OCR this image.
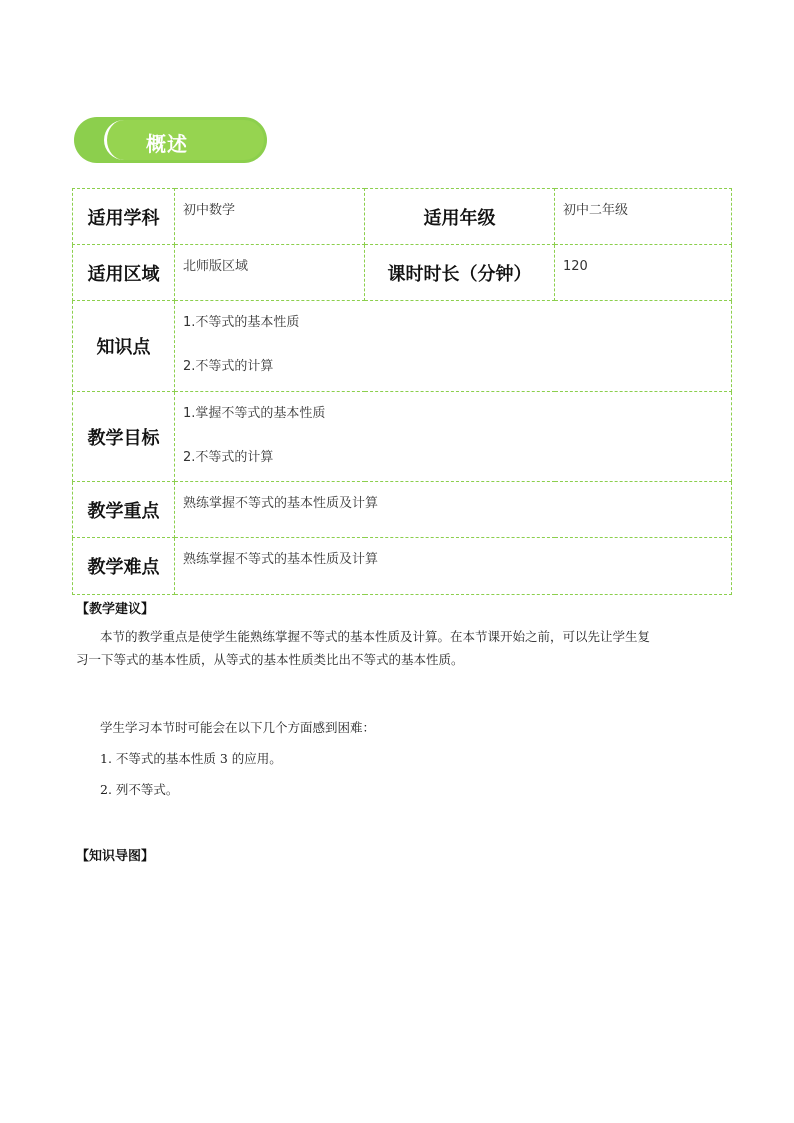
概述
适用学科	初中数学	适用年级	初中二年级

适用区域	北师版区域	课时时长（分钟）	120

知识点	1.不等式的基本性质
2.不等式的计算		

教学目标	1.掌握不等式的基本性质
2.不等式的计算		

教学重点	熟练掌握不等式的基本性质及计算		

教学难点	熟练掌握不等式的基本性质及计算		
【教学建议】
本节的教学重点是使学生能熟练掌握不等式的基本性质及计算。在本节课开始之前，可以先让学生复
习一下等式的基本性质，从等式的基本性质类比出不等式的基本性质。
学生学习本节时可能会在以下几个方面感到困难：
1. 不等式的基本性质 3 的应用。
2. 列不等式。
【知识导图】
